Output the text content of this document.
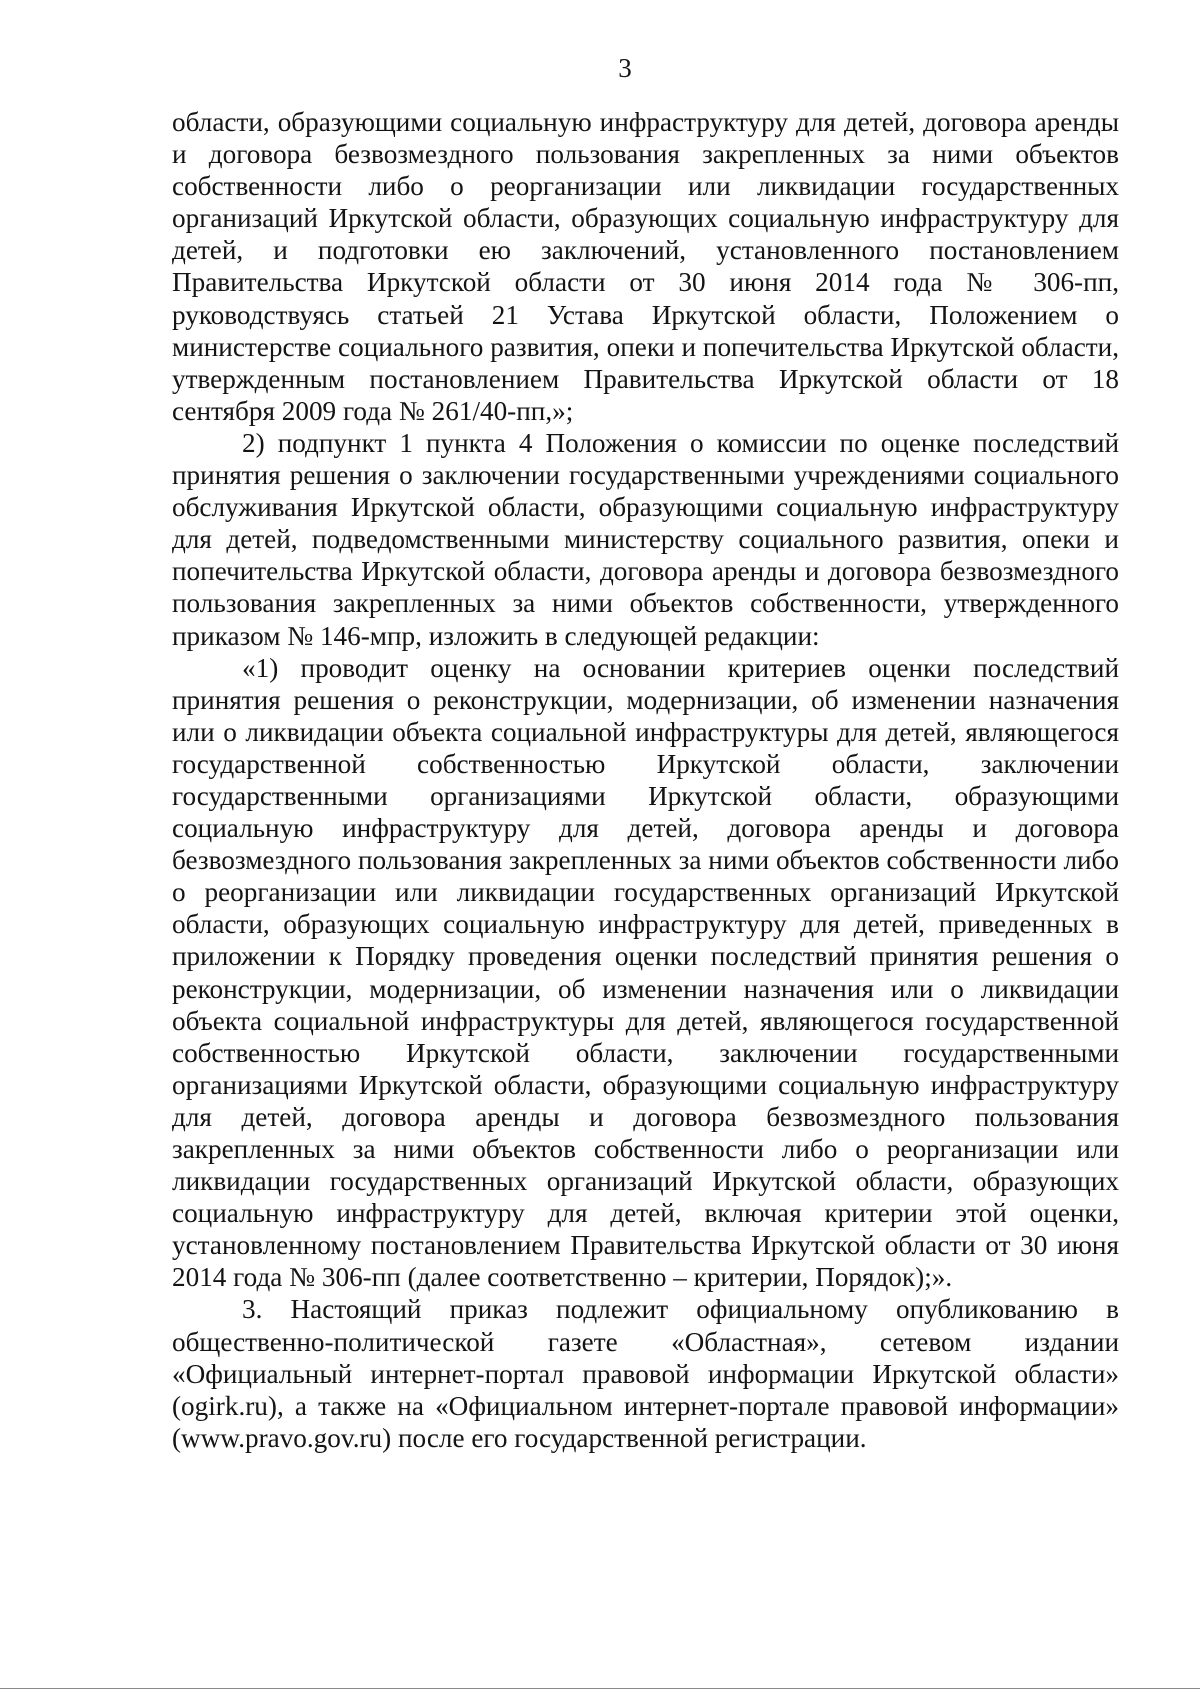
3

области, образующими социальную инфраструктуру для детей, договора аренды и договора безвозмездного пользования закрепленных за ними объектов собственности либо о реорганизации или ликвидации государственных организаций Иркутской области, образующих социальную инфраструктуру для детей, и подготовки ею заключений, установленного постановлением Правительства Иркутской области от 30 июня 2014 года № 306-пп, руководствуясь статьей 21 Устава Иркутской области, Положением о министерстве социального развития, опеки и попечительства Иркутской области, утвержденным постановлением Правительства Иркутской области от 18 сентября 2009 года № 261/40-пп,»;

2) подпункт 1 пункта 4 Положения о комиссии по оценке последствий принятия решения о заключении государственными учреждениями социального обслуживания Иркутской области, образующими социальную инфраструктуру для детей, подведомственными министерству социального развития, опеки и попечительства Иркутской области, договора аренды и договора безвозмездного пользования закрепленных за ними объектов собственности, утвержденного приказом № 146-мпр, изложить в следующей редакции:

«1) проводит оценку на основании критериев оценки последствий принятия решения о реконструкции, модернизации, об изменении назначения или о ликвидации объекта социальной инфраструктуры для детей, являющегося государственной собственностью Иркутской области, заключении государственными организациями Иркутской области, образующими социальную инфраструктуру для детей, договора аренды и договора безвозмездного пользования закрепленных за ними объектов собственности либо о реорганизации или ликвидации государственных организаций Иркутской области, образующих социальную инфраструктуру для детей, приведенных в приложении к Порядку проведения оценки последствий принятия решения о реконструкции, модернизации, об изменении назначения или о ликвидации объекта социальной инфраструктуры для детей, являющегося государственной собственностью Иркутской области, заключении государственными организациями Иркутской области, образующими социальную инфраструктуру для детей, договора аренды и договора безвозмездного пользования закрепленных за ними объектов собственности либо о реорганизации или ликвидации государственных организаций Иркутской области, образующих социальную инфраструктуру для детей, включая критерии этой оценки, установленному постановлением Правительства Иркутской области от 30 июня 2014 года № 306-пп (далее соответственно – критерии, Порядок);».

3. Настоящий приказ подлежит официальному опубликованию в общественно-политической газете «Областная», сетевом издании «Официальный интернет-портал правовой информации Иркутской области» (ogirk.ru), а также на «Официальном интернет-портале правовой информации» (www.pravo.gov.ru) после его государственной регистрации.
